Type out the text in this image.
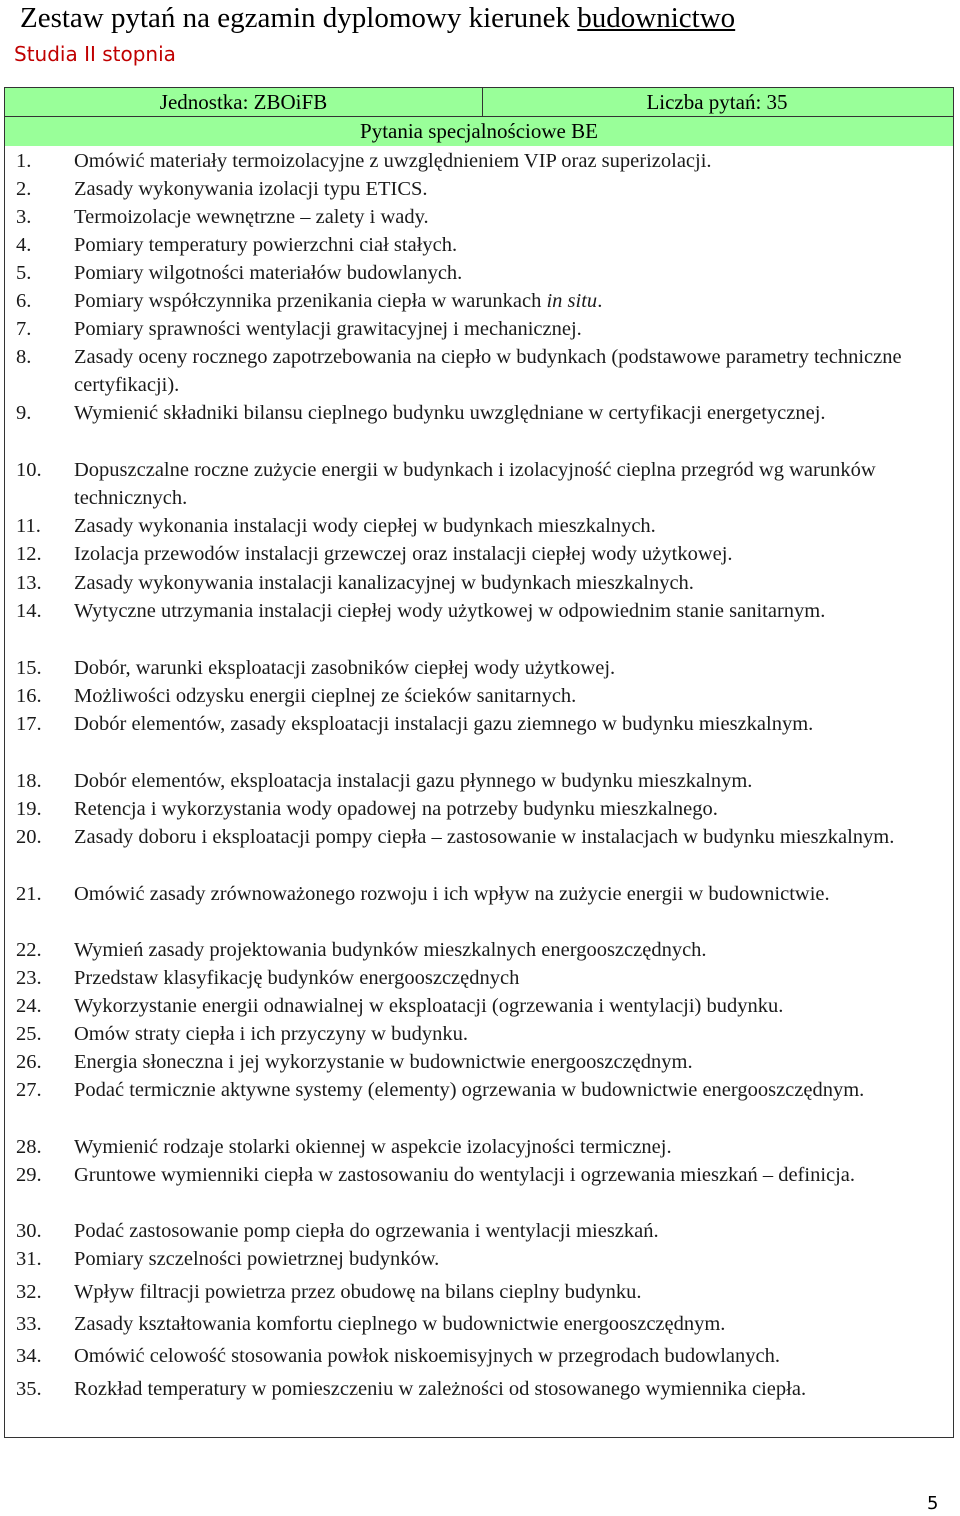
Zestaw pytań na egzamin dyplomowy kierunek budownictwo
Studia II stopnia
Jednostka: ZBOiFB	Liczba pytań: 35
Pytania specjalnościowe BE
1. Omówić materiały termoizolacyjne z uwzględnieniem VIP oraz superizolacji.
2. Zasady wykonywania izolacji typu ETICS.
3. Termoizolacje wewnętrzne – zalety i wady.
4. Pomiary temperatury powierzchni ciał stałych.
5. Pomiary wilgotności materiałów budowlanych.
6. Pomiary współczynnika przenikania ciepła w warunkach in situ.
7. Pomiary sprawności wentylacji grawitacyjnej i mechanicznej.
8. Zasady oceny rocznego zapotrzebowania na ciepło w budynkach (podstawowe parametry techniczne certyfikacji).
9. Wymienić składniki bilansu cieplnego budynku uwzględniane w certyfikacji energetycznej.
10. Dopuszczalne roczne zużycie energii w budynkach i izolacyjność cieplna przegród wg warunków technicznych.
11. Zasady wykonania instalacji wody ciepłej w budynkach mieszkalnych.
12. Izolacja przewodów instalacji grzewczej oraz instalacji ciepłej wody użytkowej.
13. Zasady wykonywania instalacji kanalizacyjnej w budynkach mieszkalnych.
14. Wytyczne utrzymania instalacji ciepłej wody użytkowej w odpowiednim stanie sanitarnym.
15. Dobór, warunki eksploatacji zasobników ciepłej wody użytkowej.
16. Możliwości odzysku energii cieplnej ze ścieków sanitarnych.
17. Dobór elementów, zasady eksploatacji instalacji gazu ziemnego w budynku mieszkalnym.
18. Dobór elementów, eksploatacja instalacji gazu płynnego w budynku mieszkalnym.
19. Retencja i wykorzystania wody opadowej na potrzeby budynku mieszkalnego.
20. Zasady doboru i eksploatacji pompy ciepła – zastosowanie w instalacjach w budynku mieszkalnym.
21. Omówić zasady zrównoważonego rozwoju i ich wpływ na zużycie energii w budownictwie.
22. Wymień zasady projektowania budynków mieszkalnych energooszczędnych.
23. Przedstaw klasyfikację budynków energooszczędnych
24. Wykorzystanie energii odnawialnej w eksploatacji (ogrzewania i wentylacji) budynku.
25. Omów straty ciepła i ich przyczyny w budynku.
26. Energia słoneczna i jej wykorzystanie w budownictwie energooszczędnym.
27. Podać termicznie aktywne systemy (elementy) ogrzewania w budownictwie energooszczędnym.
28. Wymienić rodzaje stolarki okiennej w aspekcie izolacyjności termicznej.
29. Gruntowe wymienniki ciepła w zastosowaniu do wentylacji i ogrzewania mieszkań – definicja.
30. Podać zastosowanie pomp ciepła do ogrzewania i wentylacji mieszkań.
31. Pomiary szczelności powietrznej budynków.
32. Wpływ filtracji powietrza przez obudowę na bilans cieplny budynku.
33. Zasady kształtowania komfortu cieplnego w budownictwie energooszczędnym.
34. Omówić celowość stosowania powłok niskoemisyjnych w przegrodach budowlanych.
35. Rozkład temperatury w pomieszczeniu w zależności od stosowanego wymiennika ciepła.
5
